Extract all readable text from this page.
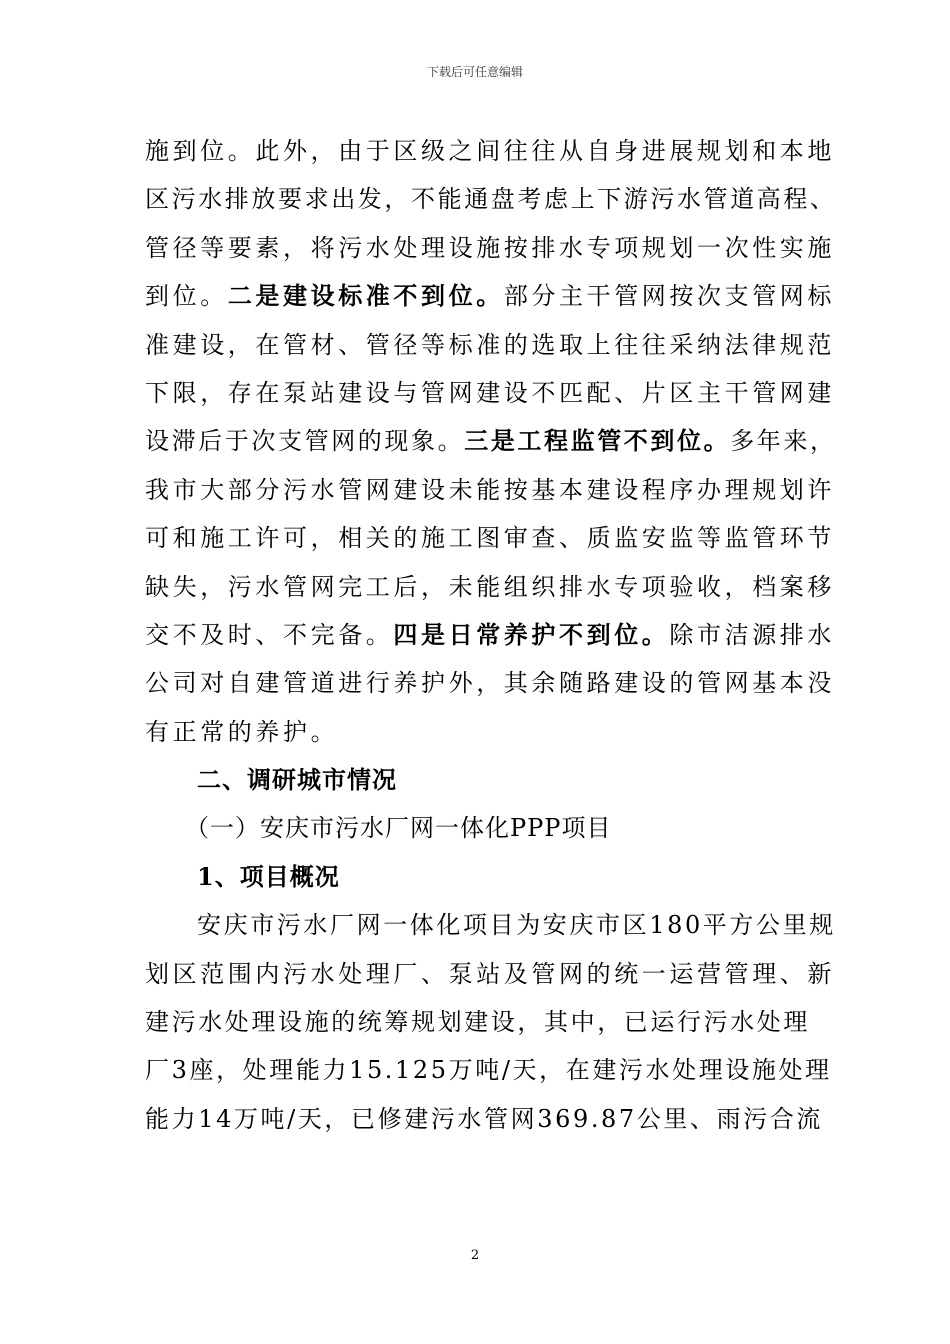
下载后可任意编辑
施到位。此外，由于区级之间往往从自身进展规划和本地
区污水排放要求出发，不能通盘考虑上下游污水管道高程、
管径等要素，将污水处理设施按排水专项规划一次性实施
到位。二是建设标准不到位。部分主干管网按次支管网标
准建设，在管材、管径等标准的选取上往往采纳法律规范
下限，存在泵站建设与管网建设不匹配、片区主干管网建
设滞后于次支管网的现象。三是工程监管不到位。多年来，
我市大部分污水管网建设未能按基本建设程序办理规划许
可和施工许可，相关的施工图审查、质监安监等监管环节
缺失，污水管网完工后，未能组织排水专项验收，档案移
交不及时、不完备。四是日常养护不到位。除市洁源排水
公司对自建管道进行养护外，其余随路建设的管网基本没
有正常的养护。
二、调研城市情况
（一）安庆市污水厂网一体化PPP项目
1、项目概况
安庆市污水厂网一体化项目为安庆市区180平方公里规
划区范围内污水处理厂、泵站及管网的统一运营管理、新
建污水处理设施的统筹规划建设，其中，已运行污水处理
厂3座，处理能力15.125万吨/天，在建污水处理设施处理
能力14万吨/天，已修建污水管网369.87公里、雨污合流
2
